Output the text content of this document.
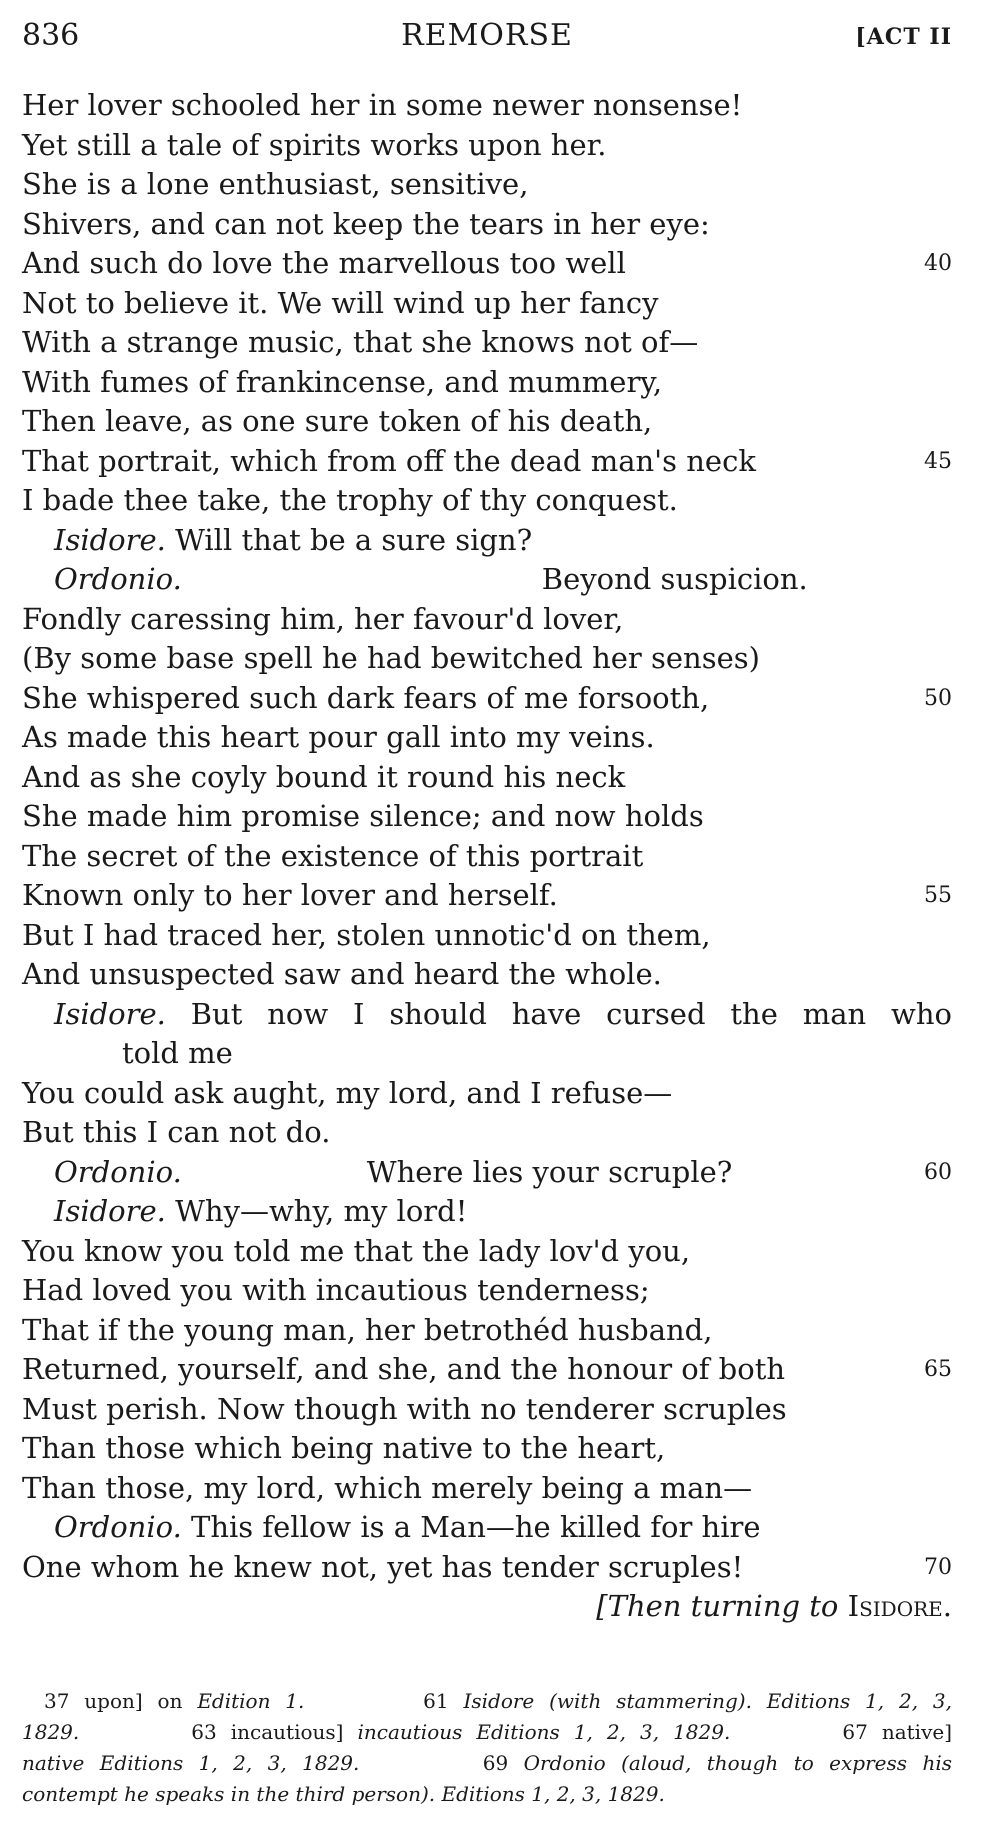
836	REMORSE	[ACT II
Her lover schooled her in some newer nonsense!
Yet still a tale of spirits works upon her.
She is a lone enthusiast, sensitive,
Shivers, and can not keep the tears in her eye:
And such do love the marvellous too well	40
Not to believe it. We will wind up her fancy
With a strange music, that she knows not of—
With fumes of frankincense, and mummery,
Then leave, as one sure token of his death,
That portrait, which from off the dead man's neck	45
I bade thee take, the trophy of thy conquest.
Isidore. Will that be a sure sign?
Ordonio.	Beyond suspicion.
Fondly caressing him, her favour'd lover,
(By some base spell he had bewitched her senses)
She whispered such dark fears of me forsooth,	50
As made this heart pour gall into my veins.
And as she coyly bound it round his neck
She made him promise silence; and now holds
The secret of the existence of this portrait
Known only to her lover and herself.	55
But I had traced her, stolen unnotic'd on them,
And unsuspected saw and heard the whole.
Isidore. But now I should have cursed the man who
told me
You could ask aught, my lord, and I refuse—
But this I can not do.
Ordonio.	Where lies your scruple?	60
Isidore. Why—why, my lord!
You know you told me that the lady lov'd you,
Had loved you with incautious tenderness;
That if the young man, her betrothéd husband,
Returned, yourself, and she, and the honour of both	65
Must perish. Now though with no tenderer scruples
Than those which being native to the heart,
Than those, my lord, which merely being a man—
Ordonio. This fellow is a Man—he killed for hire
One whom he knew not, yet has tender scruples!	70
[Then turning to Isidore.

37 upon] on Edition 1.        61 Isidore (with stammering). Editions 1, 2, 3,

1829.        63 incautious] incautious Editions 1, 2, 3, 1829.        67 native]

native Editions 1, 2, 3, 1829.        69 Ordonio (aloud, though to express his

contempt he speaks in the third person). Editions 1, 2, 3, 1829.
